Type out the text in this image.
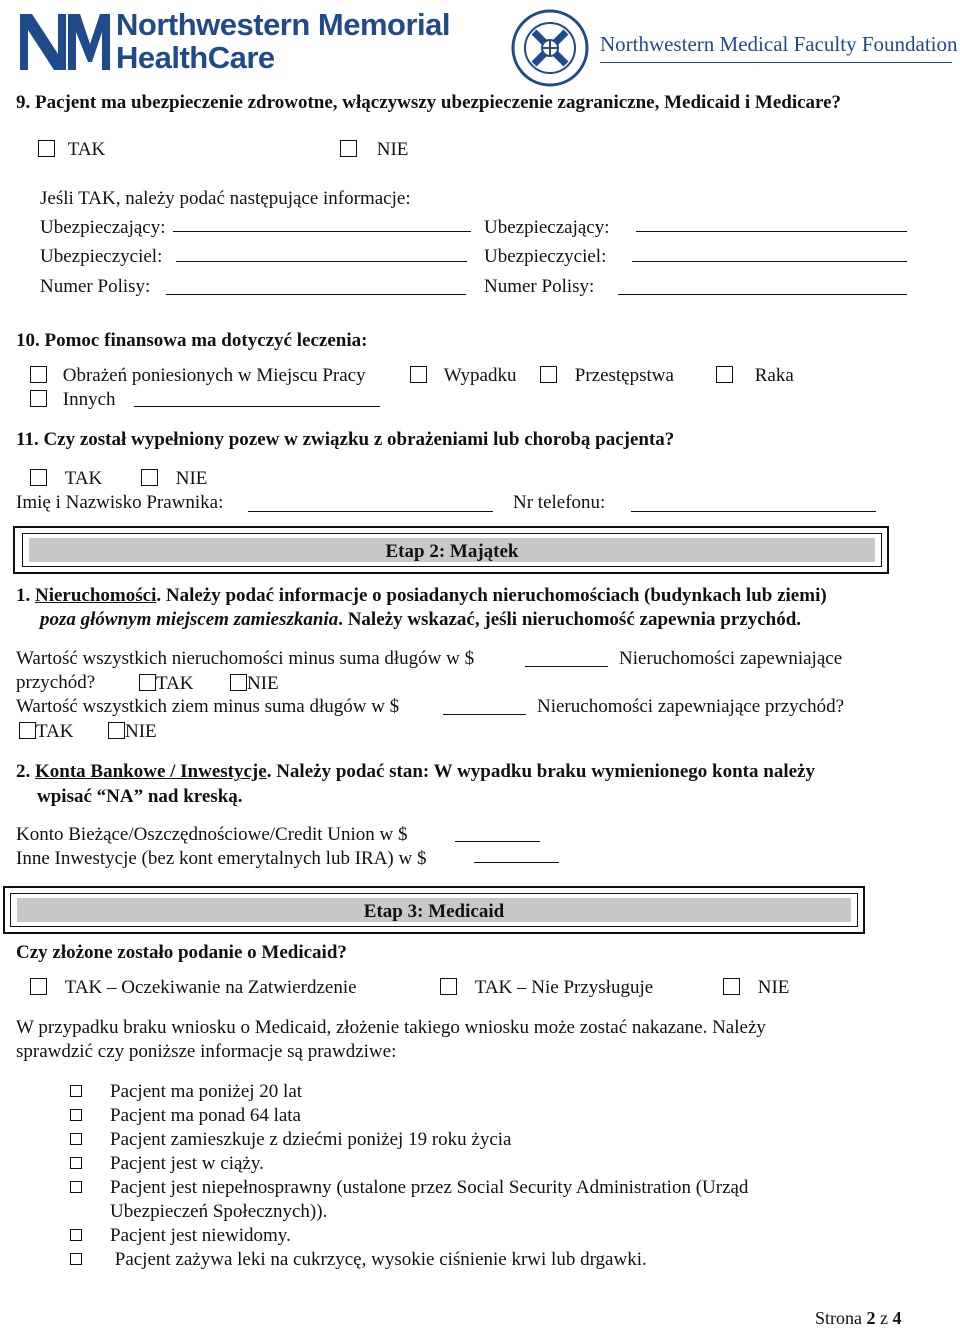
Northwestern Memorial
HealthCare	Northwestern Medical Faculty Foundation
9. Pacjent ma ubezpieczenie zdrowotne, włączywszy ubezpieczenie zagraniczne, Medicaid i Medicare?
TAK	NIE
Jeśli TAK, należy podać następujące informacje:
Ubezpieczający:	Ubezpieczający:
Ubezpieczyciel:	Ubezpieczyciel:
Numer Polisy:	Numer Polisy:
10. Pomoc finansowa ma dotyczyć leczenia:
Obrażeń poniesionych w Miejscu Pracy	Wypadku	Przestępstwa	Raka
Innych
11. Czy został wypełniony pozew w związku z obrażeniami lub chorobą pacjenta?
TAK	NIE
Imię i Nazwisko Prawnika:	Nr telefonu:
Etap 2: Majątek
1. Nieruchomości. Należy podać informacje o posiadanych nieruchomościach (budynkach lub ziemi)
poza głównym miejscem zamieszkania. Należy wskazać, jeśli nieruchomość zapewnia przychód.
Wartość wszystkich nieruchomości minus suma długów w $	Nieruchomości zapewniające
przychód?	TAK	NIE
Wartość wszystkich ziem minus suma długów w $	Nieruchomości zapewniające przychód?
TAK	NIE
2. Konta Bankowe / Inwestycje. Należy podać stan: W wypadku braku wymienionego konta należy
wpisać “NA” nad kreską.
Konto Bieżące/Oszczędnościowe/Credit Union w $
Inne Inwestycje (bez kont emerytalnych lub IRA) w $
Etap 3: Medicaid
Czy złożone zostało podanie o Medicaid?
TAK – Oczekiwanie na Zatwierdzenie	TAK – Nie Przysługuje	NIE
W przypadku braku wniosku o Medicaid, złożenie takiego wniosku może zostać nakazane. Należy
sprawdzić czy poniższe informacje są prawdziwe:
Pacjent ma poniżej 20 lat
Pacjent ma ponad 64 lata
Pacjent zamieszkuje z dziećmi poniżej 19 roku życia
Pacjent jest w ciąży.
Pacjent jest niepełnosprawny (ustalone przez Social Security Administration (Urząd
Ubezpieczeń Społecznych)).
Pacjent jest niewidomy.
Pacjent zażywa leki na cukrzycę, wysokie ciśnienie krwi lub drgawki.
Strona 2 z 4
